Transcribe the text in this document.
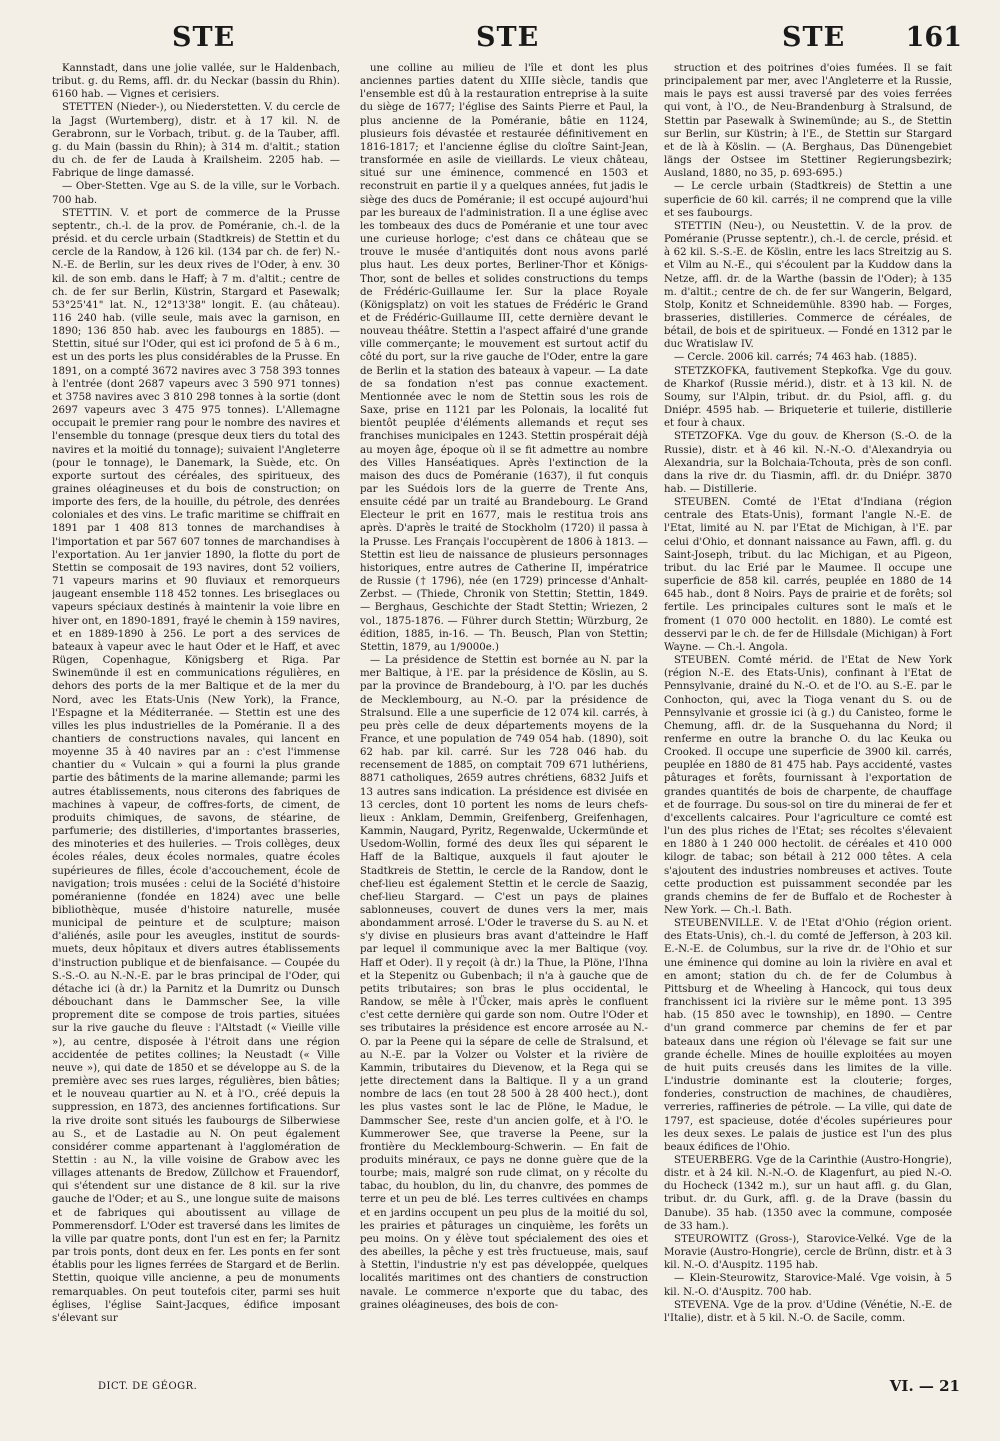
STE	STE	STE 161

Kannstadt, dans une jolie vallée, sur le Haldenbach, tribut. g. du Rems, affl. dr. du Neckar (bassin du Rhin). 6160 hab. — Vignes et cerisiers.

STETTEN (Nieder-), ou Niederstetten. V. du cercle de la Jagst (Wurtemberg), distr. et à 17 kil. N. de Gerabronn, sur le Vorbach, tribut. g. de la Tauber, affl. g. du Main (bassin du Rhin); à 314 m. d'altit.; station du ch. de fer de Lauda à Krailsheim. 2205 hab. — Fabrique de linge damassé.

— Ober-Stetten. Vge au S. de la ville, sur le Vorbach. 700 hab.

STETTIN. V. et port de commerce de la Prusse septentr., ch.-l. de la prov. de Poméranie, ch.-l. de la présid. et du cercle urbain (Stadtkreis) de Stettin et du cercle de la Randow, à 126 kil. (134 par ch. de fer) N.-N.-E. de Berlin, sur les deux rives de l'Oder, à env. 30 kil. de son emb. dans le Haff; à 7 m. d'altit.; centre de ch. de fer sur Berlin, Küstrin, Stargard et Pasewalk; 53°25'41" lat. N., 12°13'38" longit. E. (au château). 116 240 hab. (ville seule, mais avec la garnison, en 1890; 136 850 hab. avec les faubourgs en 1885). — Stettin, situé sur l'Oder, qui est ici profond de 5 à 6 m., est un des ports les plus considérables de la Prusse. En 1891, on a compté 3672 navires avec 3 758 393 tonnes à l'entrée (dont 2687 vapeurs avec 3 590 971 tonnes) et 3758 navires avec 3 810 298 tonnes à la sortie (dont 2697 vapeurs avec 3 475 975 tonnes). L'Allemagne occupait le premier rang pour le nombre des navires et l'ensemble du tonnage (presque deux tiers du total des navires et la moitié du tonnage); suivaient l'Angleterre (pour le tonnage), le Danemark, la Suède, etc. On exporte surtout des céréales, des spiritueux, des graines oléagineuses et du bois de construction; on importe des fers, de la houille, du pétrole, des denrées coloniales et des vins. Le trafic maritime se chiffrait en 1891 par 1 408 813 tonnes de marchandises à l'importation et par 567 607 tonnes de marchandises à l'exportation. Au 1er janvier 1890, la flotte du port de Stettin se composait de 193 navires, dont 52 voiliers, 71 vapeurs marins et 90 fluviaux et remorqueurs jaugeant ensemble 118 452 tonnes. Les briseglaces ou vapeurs spéciaux destinés à maintenir la voie libre en hiver ont, en 1890-1891, frayé le chemin à 159 navires, et en 1889-1890 à 256. Le port a des services de bateaux à vapeur avec le haut Oder et le Haff, et avec Rügen, Copenhague, Königsberg et Riga. Par Swinemünde il est en communications régulières, en dehors des ports de la mer Baltique et de la mer du Nord, avec les Etats-Unis (New York), la France, l'Espagne et la Méditerranée. — Stettin est une des villes les plus industrielles de la Poméranie. Il a des chantiers de constructions navales, qui lancent en moyenne 35 à 40 navires par an : c'est l'immense chantier du « Vulcain » qui a fourni la plus grande partie des bâtiments de la marine allemande; parmi les autres établissements, nous citerons des fabriques de machines à vapeur, de coffres-forts, de ciment, de produits chimiques, de savons, de stéarine, de parfumerie; des distilleries, d'importantes brasseries, des minoteries et des huileries. — Trois collèges, deux écoles réales, deux écoles normales, quatre écoles supérieures de filles, école d'accouchement, école de navigation; trois musées : celui de la Société d'histoire poméranienne (fondée en 1824) avec une belle bibliothèque, musée d'histoire naturelle, musée municipal de peinture et de sculpture; maison d'aliénés, asile pour les aveugles, institut de sourds-muets, deux hôpitaux et divers autres établissements d'instruction publique et de bienfaisance. — Coupée du S.-S.-O. au N.-N.-E. par le bras principal de l'Oder, qui détache ici (à dr.) la Parnitz et la Dumritz ou Dunsch débouchant dans le Dammscher See, la ville proprement dite se compose de trois parties, situées sur la rive gauche du fleuve : l'Altstadt (« Vieille ville »), au centre, disposée à l'étroit dans une région accidentée de petites collines; la Neustadt (« Ville neuve »), qui date de 1850 et se développe au S. de la première avec ses rues larges, régulières, bien bâties; et le nouveau quartier au N. et à l'O., créé depuis la suppression, en 1873, des anciennes fortifications. Sur la rive droite sont situés les faubourgs de Silberwiese au S., et de Lastadie au N. On peut également considérer comme appartenant à l'agglomération de Stettin : au N., la ville voisine de Grabow avec les villages attenants de Bredow, Züllchow et Frauendorf, qui s'étendent sur une distance de 8 kil. sur la rive gauche de l'Oder; et au S., une longue suite de maisons et de fabriques qui aboutissent au village de Pommerensdorf. L'Oder est traversé dans les limites de la ville par quatre ponts, dont l'un est en fer; la Parnitz par trois ponts, dont deux en fer. Les ponts en fer sont établis pour les lignes ferrées de Stargard et de Berlin. Stettin, quoique ville ancienne, a peu de monuments remarquables. On peut toutefois citer, parmi ses huit églises, l'église Saint-Jacques, édifice imposant s'élevant sur

une colline au milieu de l'île et dont les plus anciennes parties datent du XIIIe siècle, tandis que l'ensemble est dû à la restauration entreprise à la suite du siège de 1677; l'église des Saints Pierre et Paul, la plus ancienne de la Poméranie, bâtie en 1124, plusieurs fois dévastée et restaurée définitivement en 1816-1817; et l'ancienne église du cloître Saint-Jean, transformée en asile de vieillards. Le vieux château, situé sur une éminence, commencé en 1503 et reconstruit en partie il y a quelques années, fut jadis le siège des ducs de Poméranie; il est occupé aujourd'hui par les bureaux de l'administration. Il a une église avec les tombeaux des ducs de Poméranie et une tour avec une curieuse horloge; c'est dans ce château que se trouve le musée d'antiquités dont nous avons parlé plus haut. Les deux portes, Berliner-Thor et Königs-Thor, sont de belles et solides constructions du temps de Frédéric-Guillaume Ier. Sur la place Royale (Königsplatz) on voit les statues de Frédéric le Grand et de Frédéric-Guillaume III, cette dernière devant le nouveau théâtre. Stettin a l'aspect affairé d'une grande ville commerçante; le mouvement est surtout actif du côté du port, sur la rive gauche de l'Oder, entre la gare de Berlin et la station des bateaux à vapeur. — La date de sa fondation n'est pas connue exactement. Mentionnée avec le nom de Stettin sous les rois de Saxe, prise en 1121 par les Polonais, la localité fut bientôt peuplée d'éléments allemands et reçut ses franchises municipales en 1243. Stettin prospérait déjà au moyen âge, époque où il se fit admettre au nombre des Villes Hanséatiques. Après l'extinction de la maison des ducs de Poméranie (1637), il fut conquis par les Suédois lors de la guerre de Trente Ans, ensuite cédé par un traité au Brandebourg. Le Grand Electeur le prit en 1677, mais le restitua trois ans après. D'après le traité de Stockholm (1720) il passa à la Prusse. Les Français l'occupèrent de 1806 à 1813. — Stettin est lieu de naissance de plusieurs personnages historiques, entre autres de Catherine II, impératrice de Russie († 1796), née (en 1729) princesse d'Anhalt-Zerbst. — (Thiede, Chronik von Stettin; Stettin, 1849. — Berghaus, Geschichte der Stadt Stettin; Wriezen, 2 vol., 1875-1876. — Führer durch Stettin; Würzburg, 2e édition, 1885, in-16. — Th. Beusch, Plan von Stettin; Stettin, 1879, au 1/9000e.)

— La présidence de Stettin est bornée au N. par la mer Baltique, à l'E. par la présidence de Köslin, au S. par la province de Brandebourg, à l'O. par les duchés de Mecklembourg, au N.-O. par la présidence de Stralsund. Elle a une superficie de 12 074 kil. carrés, à peu près celle de deux départements moyens de la France, et une population de 749 054 hab. (1890), soit 62 hab. par kil. carré. Sur les 728 046 hab. du recensement de 1885, on comptait 709 671 luthériens, 8871 catholiques, 2659 autres chrétiens, 6832 Juifs et 13 autres sans indication. La présidence est divisée en 13 cercles, dont 10 portent les noms de leurs chefs-lieux : Anklam, Demmin, Greifenberg, Greifenhagen, Kammin, Naugard, Pyritz, Regenwalde, Uckermünde et Usedom-Wollin, formé des deux îles qui séparent le Haff de la Baltique, auxquels il faut ajouter le Stadtkreis de Stettin, le cercle de la Randow, dont le chef-lieu est également Stettin et le cercle de Saazig, chef-lieu Stargard. — C'est un pays de plaines sablonneuses, couvert de dunes vers la mer, mais abondamment arrosé. L'Oder le traverse du S. au N. et s'y divise en plusieurs bras avant d'atteindre le Haff par lequel il communique avec la mer Baltique (voy. Haff et Oder). Il y reçoit (à dr.) la Thue, la Plöne, l'Ihna et la Stepenitz ou Gubenbach; il n'a à gauche que de petits tributaires; son bras le plus occidental, le Randow, se mêle à l'Ücker, mais après le confluent c'est cette dernière qui garde son nom. Outre l'Oder et ses tributaires la présidence est encore arrosée au N.-O. par la Peene qui la sépare de celle de Stralsund, et au N.-E. par la Volzer ou Volster et la rivière de Kammin, tributaires du Dievenow, et la Rega qui se jette directement dans la Baltique. Il y a un grand nombre de lacs (en tout 28 500 à 28 400 hect.), dont les plus vastes sont le lac de Plöne, le Madue, le Dammscher See, reste d'un ancien golfe, et à l'O. le Kummerower See, que traverse la Peene, sur la frontière du Mecklembourg-Schwerin. — En fait de produits minéraux, ce pays ne donne guère que de la tourbe; mais, malgré son rude climat, on y récolte du tabac, du houblon, du lin, du chanvre, des pommes de terre et un peu de blé. Les terres cultivées en champs et en jardins occupent un peu plus de la moitié du sol, les prairies et pâturages un cinquième, les forêts un peu moins. On y élève tout spécialement des oies et des abeilles, la pêche y est très fructueuse, mais, sauf à Stettin, l'industrie n'y est pas développée, quelques localités maritimes ont des chantiers de construction navale. Le commerce n'exporte que du tabac, des graines oléagineuses, des bois de con-

struction et des poitrines d'oies fumées. Il se fait principalement par mer, avec l'Angleterre et la Russie, mais le pays est aussi traversé par des voies ferrées qui vont, à l'O., de Neu-Brandenburg à Stralsund, de Stettin par Pasewalk à Swinemünde; au S., de Stettin sur Berlin, sur Küstrin; à l'E., de Stettin sur Stargard et de là à Köslin. — (A. Berghaus, Das Dünengebiet längs der Ostsee im Stettiner Regierungsbezirk; Ausland, 1880, no 35, p. 693-695.)

— Le cercle urbain (Stadtkreis) de Stettin a une superficie de 60 kil. carrés; il ne comprend que la ville et ses faubourgs.

STETTIN (Neu-), ou Neustettin. V. de la prov. de Poméranie (Prusse septentr.), ch.-l. de cercle, présid. et à 62 kil. S.-S.-E. de Köslin, entre les lacs Streitzig au S. et Vilm au N.-E., qui s'écoulent par la Kuddow dans la Netze, affl. dr. de la Warthe (bassin de l'Oder); à 135 m. d'altit.; centre de ch. de fer sur Wangerin, Belgard, Stolp, Konitz et Schneidemühle. 8390 hab. — Forges, brasseries, distilleries. Commerce de céréales, de bétail, de bois et de spiritueux. — Fondé en 1312 par le duc Wratislaw IV.

— Cercle. 2006 kil. carrés; 74 463 hab. (1885).

STETZKOFKA, fautivement Stepkofka. Vge du gouv. de Kharkof (Russie mérid.), distr. et à 13 kil. N. de Soumy, sur l'Alpin, tribut. dr. du Psiol, affl. g. du Dniépr. 4595 hab. — Briqueterie et tuilerie, distillerie et four à chaux.

STETZOFKA. Vge du gouv. de Kherson (S.-O. de la Russie), distr. et à 46 kil. N.-N.-O. d'Alexandryia ou Alexandria, sur la Bolchaia-Tchouta, près de son confl. dans la rive dr. du Tiasmin, affl. dr. du Dniépr. 3870 hab. — Distillerie.

STEUBEN. Comté de l'Etat d'Indiana (région centrale des Etats-Unis), formant l'angle N.-E. de l'Etat, limité au N. par l'Etat de Michigan, à l'E. par celui d'Ohio, et donnant naissance au Fawn, affl. g. du Saint-Joseph, tribut. du lac Michigan, et au Pigeon, tribut. du lac Erié par le Maumee. Il occupe une superficie de 858 kil. carrés, peuplée en 1880 de 14 645 hab., dont 8 Noirs. Pays de prairie et de forêts; sol fertile. Les principales cultures sont le maïs et le froment (1 070 000 hectolit. en 1880). Le comté est desservi par le ch. de fer de Hillsdale (Michigan) à Fort Wayne. — Ch.-l. Angola.

STEUBEN. Comté mérid. de l'Etat de New York (région N.-E. des Etats-Unis), confinant à l'Etat de Pennsylvanie, drainé du N.-O. et de l'O. au S.-E. par le Conhocton, qui, avec la Tioga venant du S. ou de Pennsylvanie et grossie ici (à g.) du Canisteo, forme le Chemung, affl. dr. de la Susquehanna du Nord; il renferme en outre la branche O. du lac Keuka ou Crooked. Il occupe une superficie de 3900 kil. carrés, peuplée en 1880 de 81 475 hab. Pays accidenté, vastes pâturages et forêts, fournissant à l'exportation de grandes quantités de bois de charpente, de chauffage et de fourrage. Du sous-sol on tire du minerai de fer et d'excellents calcaires. Pour l'agriculture ce comté est l'un des plus riches de l'Etat; ses récoltes s'élevaient en 1880 à 1 240 000 hectolit. de céréales et 410 000 kilogr. de tabac; son bétail à 212 000 têtes. A cela s'ajoutent des industries nombreuses et actives. Toute cette production est puissamment secondée par les grands chemins de fer de Buffalo et de Rochester à New York. — Ch.-l. Bath.

STEUBENVILLE. V. de l'Etat d'Ohio (région orient. des Etats-Unis), ch.-l. du comté de Jefferson, à 203 kil. E.-N.-E. de Columbus, sur la rive dr. de l'Ohio et sur une éminence qui domine au loin la rivière en aval et en amont; station du ch. de fer de Columbus à Pittsburg et de Wheeling à Hancock, qui tous deux franchissent ici la rivière sur le même pont. 13 395 hab. (15 850 avec le township), en 1890. — Centre d'un grand commerce par chemins de fer et par bateaux dans une région où l'élevage se fait sur une grande échelle. Mines de houille exploitées au moyen de huit puits creusés dans les limites de la ville. L'industrie dominante est la clouterie; forges, fonderies, construction de machines, de chaudières, verreries, raffineries de pétrole. — La ville, qui date de 1797, est spacieuse, dotée d'écoles supérieures pour les deux sexes. Le palais de justice est l'un des plus beaux édifices de l'Ohio.

STEUERBERG. Vge de la Carinthie (Austro-Hongrie), distr. et à 24 kil. N.-N.-O. de Klagenfurt, au pied N.-O. du Hocheck (1342 m.), sur un haut affl. g. du Glan, tribut. dr. du Gurk, affl. g. de la Drave (bassin du Danube). 35 hab. (1350 avec la commune, composée de 33 ham.).

STEUROWITZ (Gross-), Starovice-Velké. Vge de la Moravie (Austro-Hongrie), cercle de Brünn, distr. et à 3 kil. N.-O. d'Auspitz. 1195 hab.

— Klein-Steurowitz, Starovice-Malé. Vge voisin, à 5 kil. N.-O. d'Auspitz. 700 hab.

STEVENA. Vge de la prov. d'Udine (Vénétie, N.-E. de l'Italie), distr. et à 5 kil. N.-O. de Sacile, comm.

DICT. DE GÉOGR.	VI. — 21
